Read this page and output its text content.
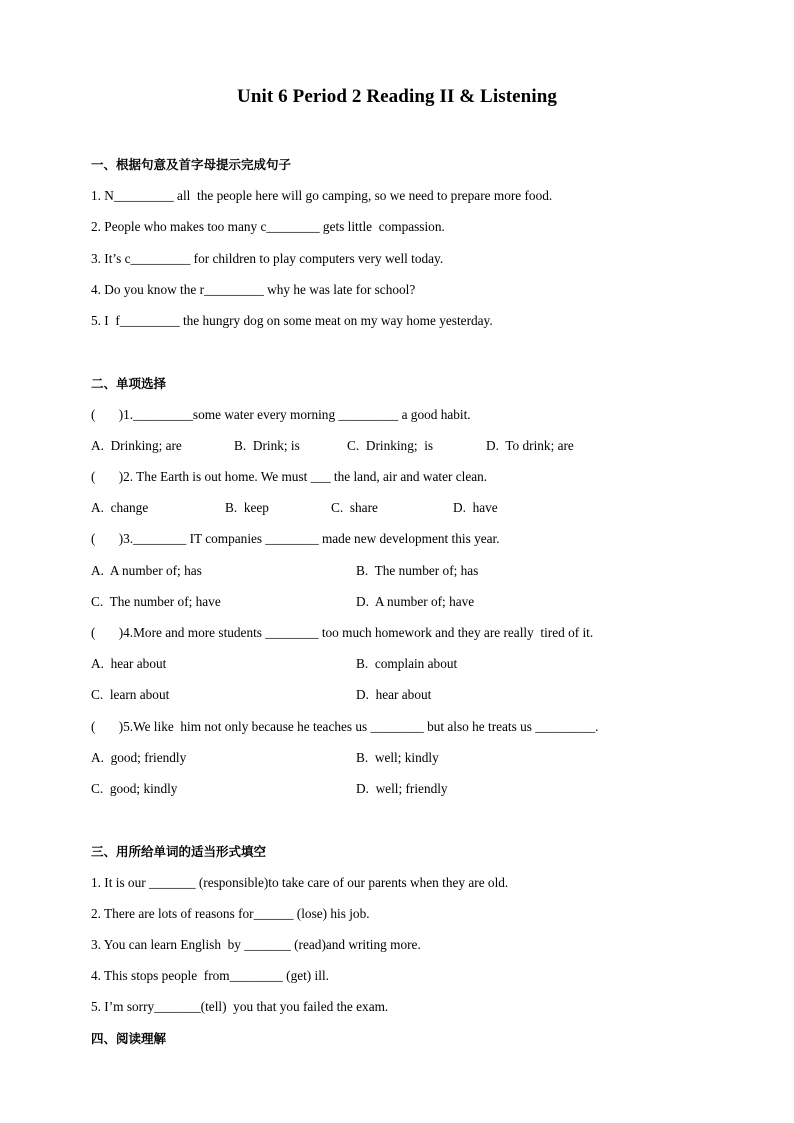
Unit 6 Period 2 Reading II & Listening
一、根据句意及首字母提示完成句子
1. N_________ all  the people here will go camping, so we need to prepare more food.
2. People who makes too many c________ gets little  compassion.
3. It’s c_________ for children to play computers very well today.
4. Do you know the r_________ why he was late for school?
5. I  f_________ the hungry dog on some meat on my way home yesterday.
二、单项选择
(       )1._________some water every morning _________ a good habit.
A.  Drinking; are	B.  Drink; is	C.  Drinking;  is	D.  To drink; are
(       )2. The Earth is out home. We must ___ the land, air and water clean.
A.  change	B.  keep	C.  share	D.  have
(       )3.________ IT companies ________ made new development this year.
A.  A number of; has	B.  The number of; has
C.  The number of; have	D.  A number of; have
(       )4.More and more students ________ too much homework and they are really  tired of it.
A.  hear about	B.  complain about
C.  learn about	D.  hear about
(       )5.We like  him not only because he teaches us ________ but also he treats us _________.
A.  good; friendly	B.  well; kindly
C.  good; kindly	D.  well; friendly
三、用所给单词的适当形式填空
1. It is our _______ (responsible)to take care of our parents when they are old.
2. There are lots of reasons for______ (lose) his job.
3. You can learn English  by _______ (read)and writing more.
4. This stops people  from________ (get) ill.
5. I’m sorry_______(tell)  you that you failed the exam.
四、阅读理解
